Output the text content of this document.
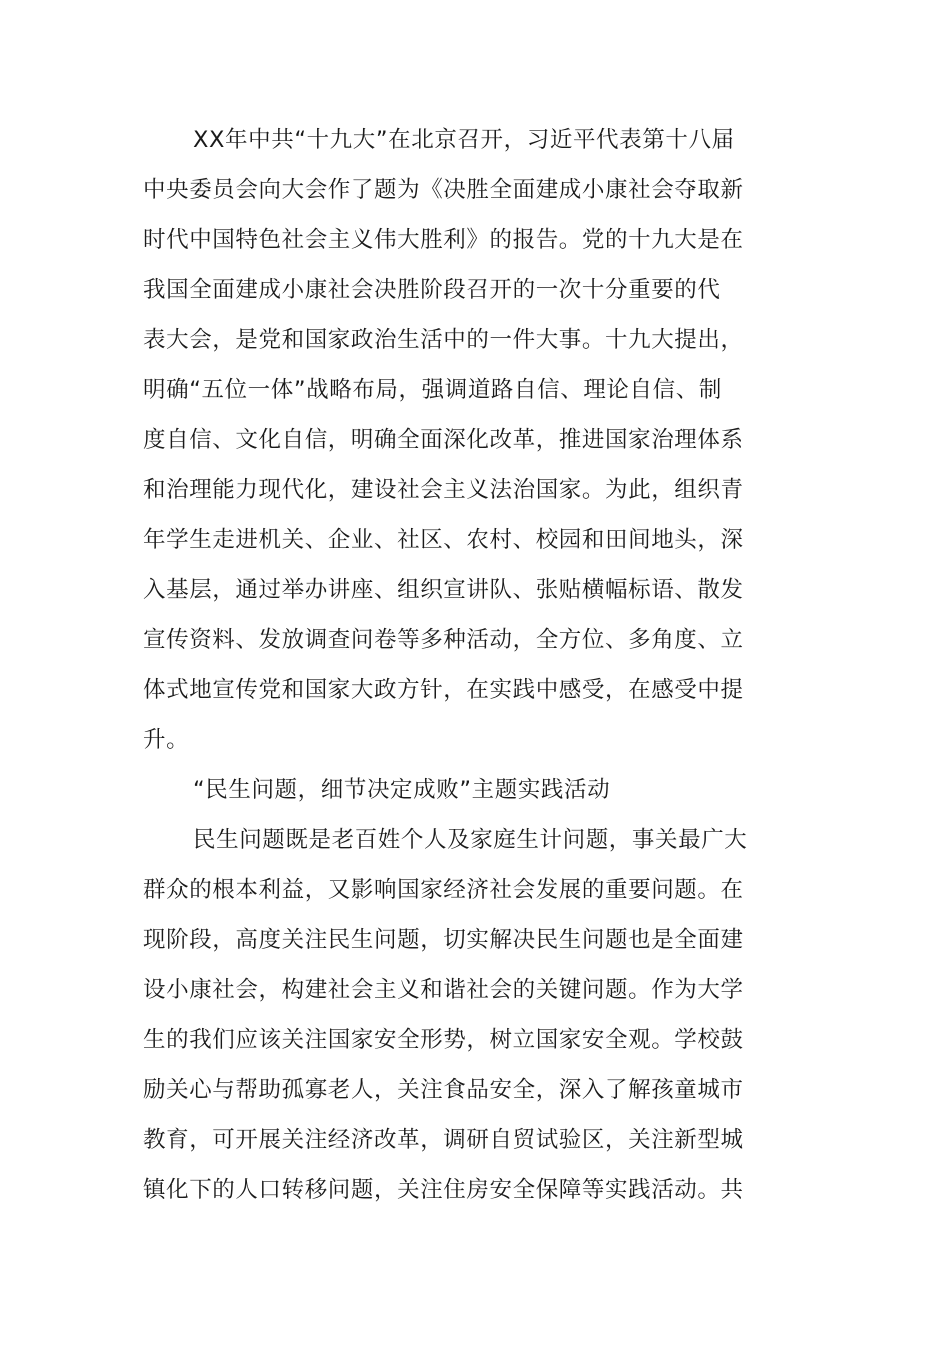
XX年中共“十九大”在北京召开，习近平代表第十八届

中央委员会向大会作了题为《决胜全面建成小康社会夺取新

时代中国特色社会主义伟大胜利》的报告。党的十九大是在

我国全面建成小康社会决胜阶段召开的一次十分重要的代

表大会，是党和国家政治生活中的一件大事。十九大提出，

明确“五位一体”战略布局，强调道路自信、理论自信、制

度自信、文化自信，明确全面深化改革，推进国家治理体系

和治理能力现代化，建设社会主义法治国家。为此，组织青

年学生走进机关、企业、社区、农村、校园和田间地头，深

入基层，通过举办讲座、组织宣讲队、张贴横幅标语、散发

宣传资料、发放调查问卷等多种活动，全方位、多角度、立

体式地宣传党和国家大政方针，在实践中感受，在感受中提

升。

“民生问题，细节决定成败”主题实践活动

民生问题既是老百姓个人及家庭生计问题，事关最广大

群众的根本利益，又影响国家经济社会发展的重要问题。在

现阶段，高度关注民生问题，切实解决民生问题也是全面建

设小康社会，构建社会主义和谐社会的关键问题。作为大学

生的我们应该关注国家安全形势，树立国家安全观。学校鼓

励关心与帮助孤寡老人，关注食品安全，深入了解孩童城市

教育，可开展关注经济改革，调研自贸试验区，关注新型城

镇化下的人口转移问题，关注住房安全保障等实践活动。共
